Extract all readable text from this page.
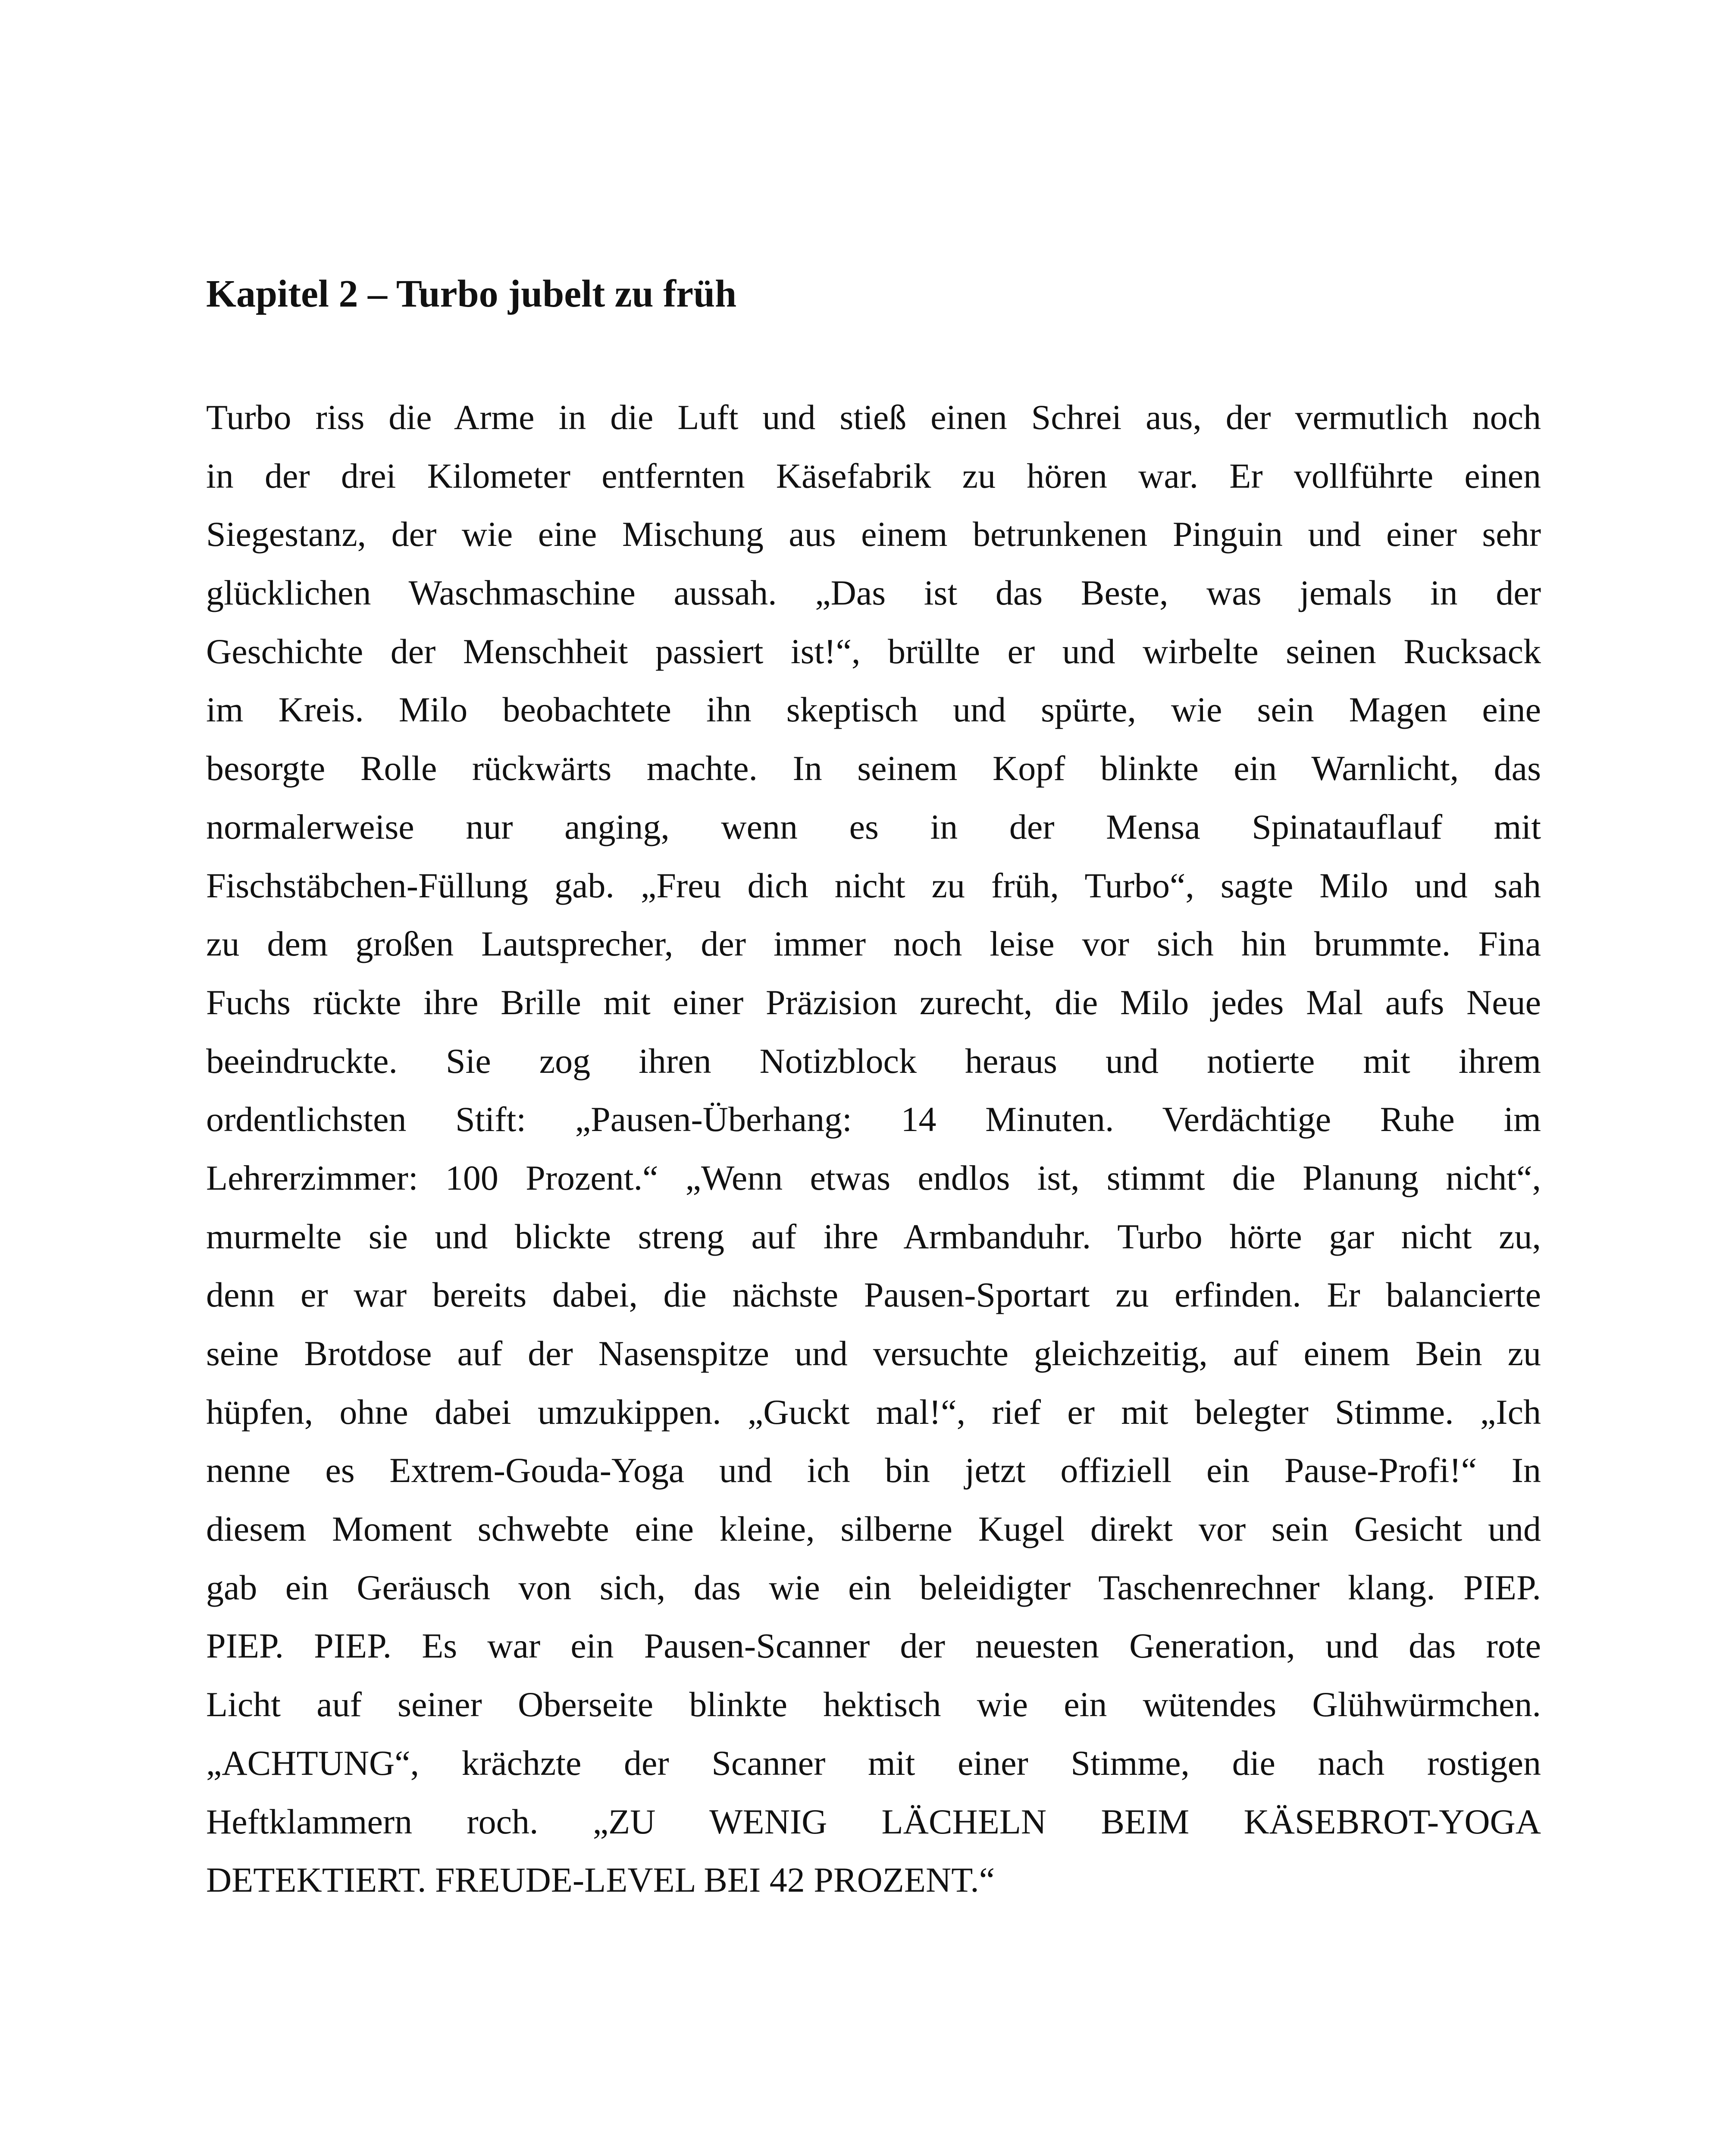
Kapitel 2 – Turbo jubelt zu früh
Turbo riss die Arme in die Luft und stieß einen Schrei aus, der vermutlich noch
in der drei Kilometer entfernten Käsefabrik zu hören war. Er vollführte einen
Siegestanz, der wie eine Mischung aus einem betrunkenen Pinguin und einer sehr
glücklichen Waschmaschine aussah. „Das ist das Beste, was jemals in der
Geschichte der Menschheit passiert ist!“, brüllte er und wirbelte seinen Rucksack
im Kreis. Milo beobachtete ihn skeptisch und spürte, wie sein Magen eine
besorgte Rolle rückwärts machte. In seinem Kopf blinkte ein Warnlicht, das
normalerweise nur anging, wenn es in der Mensa Spinatauflauf mit
Fischstäbchen-Füllung gab. „Freu dich nicht zu früh, Turbo“, sagte Milo und sah
zu dem großen Lautsprecher, der immer noch leise vor sich hin brummte. Fina
Fuchs rückte ihre Brille mit einer Präzision zurecht, die Milo jedes Mal aufs Neue
beeindruckte. Sie zog ihren Notizblock heraus und notierte mit ihrem
ordentlichsten Stift: „Pausen-Überhang: 14 Minuten. Verdächtige Ruhe im
Lehrerzimmer: 100 Prozent.“ „Wenn etwas endlos ist, stimmt die Planung nicht“,
murmelte sie und blickte streng auf ihre Armbanduhr. Turbo hörte gar nicht zu,
denn er war bereits dabei, die nächste Pausen-Sportart zu erfinden. Er balancierte
seine Brotdose auf der Nasenspitze und versuchte gleichzeitig, auf einem Bein zu
hüpfen, ohne dabei umzukippen. „Guckt mal!“, rief er mit belegter Stimme. „Ich
nenne es Extrem-Gouda-Yoga und ich bin jetzt offiziell ein Pause-Profi!“ In
diesem Moment schwebte eine kleine, silberne Kugel direkt vor sein Gesicht und
gab ein Geräusch von sich, das wie ein beleidigter Taschenrechner klang. PIEP.
PIEP. PIEP. Es war ein Pausen-Scanner der neuesten Generation, und das rote
Licht auf seiner Oberseite blinkte hektisch wie ein wütendes Glühwürmchen.
„ACHTUNG“, krächzte der Scanner mit einer Stimme, die nach rostigen
Heftklammern roch. „ZU WENIG LÄCHELN BEIM KÄSEBROT-YOGA
DETEKTIERT. FREUDE-LEVEL BEI 42 PROZENT.“
